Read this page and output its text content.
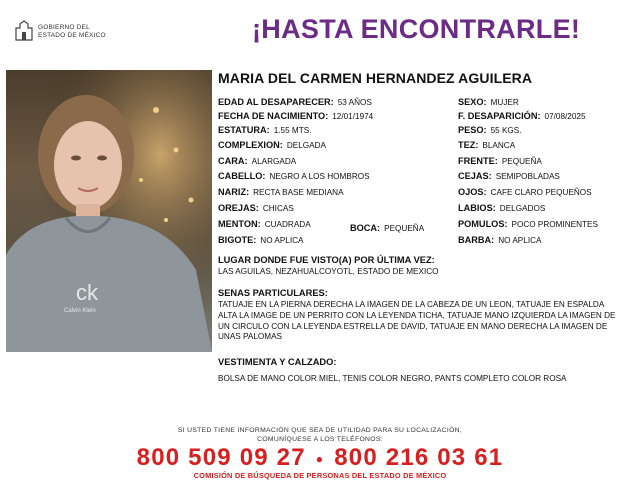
GOBIERNO DEL
ESTADO DE MÉXICO	¡HASTA ENCONTRARLE!
ck
Calvin Klein
MARIA DEL CARMEN HERNANDEZ AGUILERA
EDAD AL DESAPARECER: 53 AÑOS
FECHA DE NACIMIENTO: 12/01/1974
ESTATURA: 1.55 MTS.
COMPLEXION: DELGADA
CARA: ALARGADA
CABELLO: NEGRO A LOS HOMBROS
NARIZ: RECTA BASE MEDIANA
OREJAS: CHICAS
MENTON: CUADRADA	BOCA: PEQUEÑA
BIGOTE: NO APLICA
SEXO: MUJER
F. DESAPARICIÓN: 07/08/2025
PESO: 55 KGS.
TEZ: BLANCA
FRENTE: PEQUEÑA
CEJAS: SEMIPOBLADAS
OJOS: CAFE CLARO PEQUEÑOS
LABIOS: DELGADOS
POMULOS: POCO PROMINENTES
BARBA: NO APLICA
LUGAR DONDE FUE VISTO(A) POR ÚLTIMA VEZ:
LAS AGUILAS, NEZAHUALCOYOTL, ESTADO DE MEXICO
SENAS PARTICULARES:
TATUAJE EN LA PIERNA DERECHA LA IMAGEN DE LA CABEZA DE UN LEON, TATUAJE EN ESPALDA ALTA LA IMAGE DE UN PERRITO CON LA LEYENDA TICHA, TATUAJE MANO IZQUIERDA LA IMAGEN DE UN CIRCULO CON LA LEYENDA ESTRELLA DE DAVID, TATUAJE EN MANO DERECHA LA IMAGEN DE UNAS PALOMAS
VESTIMENTA Y CALZADO:
BOLSA DE MANO COLOR MIEL, TENIS COLOR NEGRO, PANTS COMPLETO COLOR ROSA
SI USTED TIENE INFORMACIÓN QUE SEA DE UTILIDAD PARA SU LOCALIZACIÓN,
COMUNÍQUESE A LOS TELÉFONOS:
800 509 09 27 ● 800 216 03 61
COMISIÓN DE BÚSQUEDA DE PERSONAS DEL ESTADO DE MÉXICO
